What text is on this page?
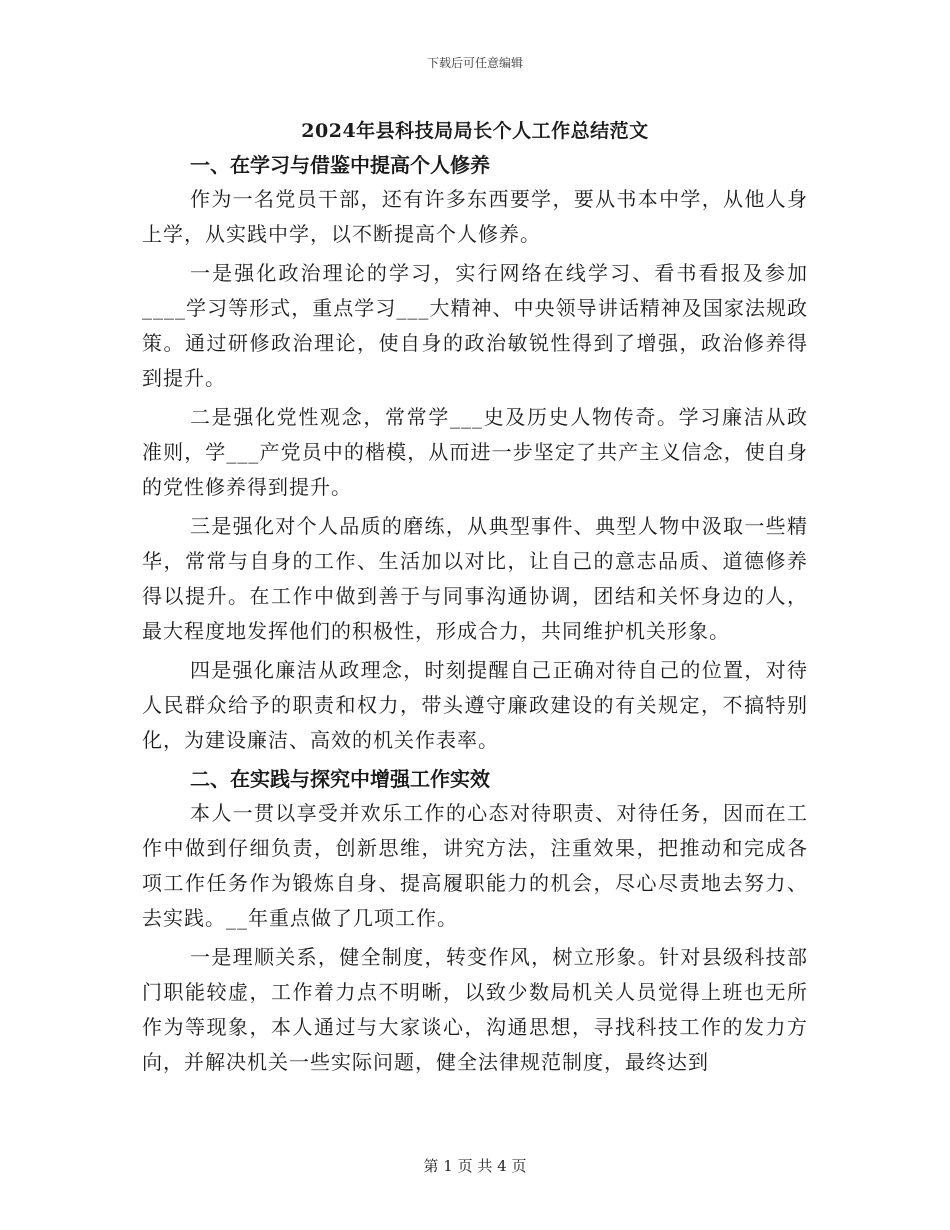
下载后可任意编辑
2024年县科技局局长个人工作总结范文
一、在学习与借鉴中提高个人修养

作为一名党员干部，还有许多东西要学，要从书本中学，从他人身上学，从实践中学，以不断提高个人修养。

一是强化政治理论的学习，实行网络在线学习、看书看报及参加____学习等形式，重点学习___大精神、中央领导讲话精神及国家法规政策。通过研修政治理论，使自身的政治敏锐性得到了增强，政治修养得到提升。

二是强化党性观念，常常学___史及历史人物传奇。学习廉洁从政准则，学___产党员中的楷模，从而进一步坚定了共产主义信念，使自身的党性修养得到提升。

三是强化对个人品质的磨练，从典型事件、典型人物中汲取一些精华，常常与自身的工作、生活加以对比，让自己的意志品质、道德修养得以提升。在工作中做到善于与同事沟通协调，团结和关怀身边的人，最大程度地发挥他们的积极性，形成合力，共同维护机关形象。

四是强化廉洁从政理念，时刻提醒自己正确对待自己的位置，对待人民群众给予的职责和权力，带头遵守廉政建设的有关规定，不搞特别化，为建设廉洁、高效的机关作表率。

二、在实践与探究中增强工作实效

本人一贯以享受并欢乐工作的心态对待职责、对待任务，因而在工作中做到仔细负责，创新思维，讲究方法，注重效果，把推动和完成各项工作任务作为锻炼自身、提高履职能力的机会，尽心尽责地去努力、去实践。__年重点做了几项工作。

一是理顺关系，健全制度，转变作风，树立形象。针对县级科技部门职能较虚，工作着力点不明晰，以致少数局机关人员觉得上班也无所作为等现象，本人通过与大家谈心，沟通思想，寻找科技工作的发力方向，并解决机关一些实际问题，健全法律规范制度，最终达到

第 1 页 共 4 页
